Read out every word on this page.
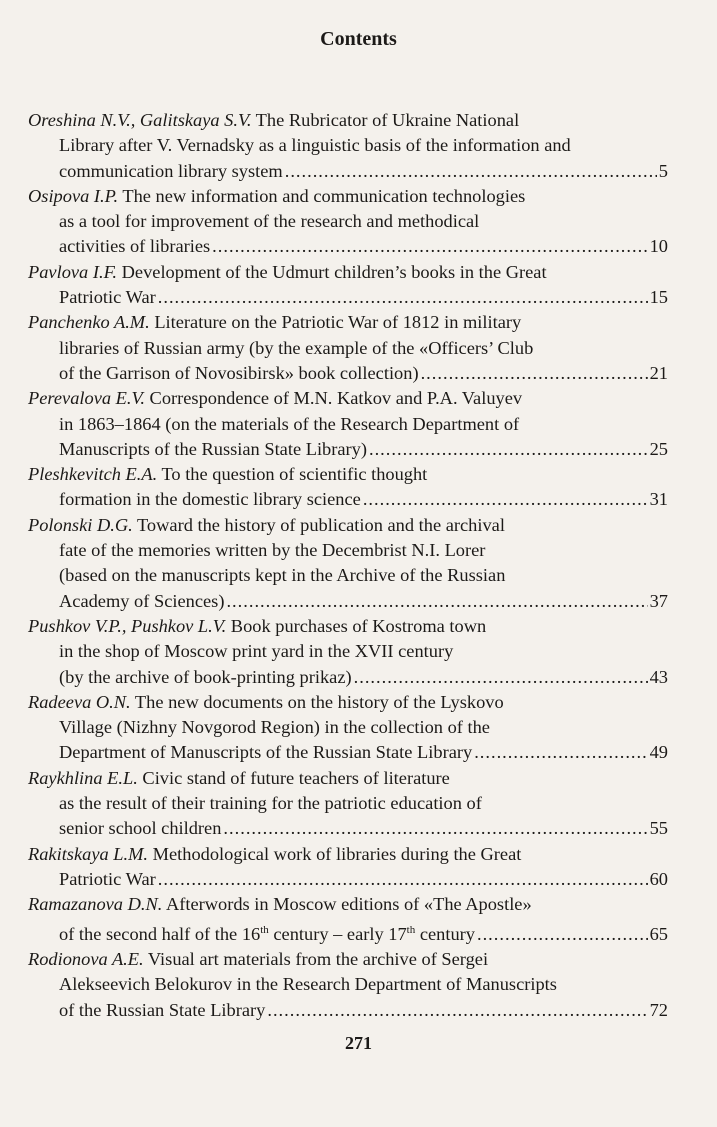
Contents
Oreshina N.V., Galitskaya S.V. The Rubricator of Ukraine National
Library after V. Vernadsky as a linguistic basis of the information and
communication library system .....	5
Osipova I.P. The new information and communication technologies
as a tool for improvement of the research and methodical
activities of libraries .....	10
Pavlova I.F. Development of the Udmurt children’s books in the Great
Patriotic War .....	15
Panchenko A.M. Literature on the Patriotic War of 1812 in military
libraries of Russian army (by the example of the «Officers’ Club
of the Garrison of Novosibirsk» book collection) .....	21
Perevalova E.V. Correspondence of M.N. Katkov and P.A. Valuyev
in 1863–1864 (on the materials of the Research Department of
Manuscripts of the Russian State Library) .....	25
Pleshkevitch E.A. To the question of scientific thought
formation in the domestic library science .....	31
Polonski D.G. Toward the history of publication and the archival
fate of the memories written by the Decembrist N.I. Lorer
(based on the manuscripts kept in the Archive of the Russian
Academy of Sciences) .....	37
Pushkov V.P., Pushkov L.V. Book purchases of Kostroma town
in the shop of Moscow print yard in the XVII century
(by the archive of book-printing prikaz) .....	43
Radeeva O.N. The new documents on the history of the Lyskovo
Village (Nizhny Novgorod Region) in the collection of the
Department of Manuscripts of the Russian State Library .....	49
Raykhlina E.L. Civic stand of future teachers of literature
as the result of their training for the patriotic education of
senior school children .....	55
Rakitskaya L.M. Methodological work of libraries during the Great
Patriotic War .....	60
Ramazanova D.N. Afterwords in Moscow editions of «The Apostle»
of the second half of the 16th century – early 17th century .....	65
Rodionova A.E. Visual art materials from the archive of Sergei
Alekseevich Belokurov in the Research Department of Manuscripts
of the Russian State Library .....	72
271
